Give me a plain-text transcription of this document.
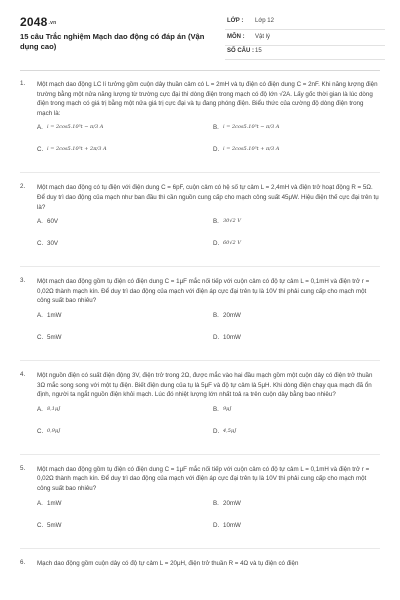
2048.vn
15 câu Trắc nghiệm Mạch dao động có đáp án (Vận dụng cao)
LỚP : Lớp 12
MÔN : Vật lý
SỐ CÂU : 15
1. Một mạch dao động LC lí tưởng gồm cuộn dây thuần cảm có L = 2mH và tụ điện có điện dung C = 2nF. Khi năng lượng điện trường bằng một nửa năng lượng từ trường cực đại thì dòng điện trong mạch có độ lớn √2A. Lấy gốc thời gian là lúc dòng điện trong mạch có giá trị bằng một nửa giá trị cực đại và tụ đang phóng điện. Biểu thức của cường độ dòng điện trong mạch là:
A. i = 2cos5.10⁵t − π/3 A	B. i = 2cos5.10⁵t − π/3 A
C. i = 2cos5.10⁵t + 2π/3 A	D. i = 2cos5.10⁵t + π/3 A
2. Một mạch dao động có tụ điện với điện dung C = 6pF, cuộn cảm có hệ số tự cảm L = 2,4mH và điện trở hoạt động R = 5Ω. Để duy trì dao động của mạch như ban đầu thì cần nguồn cung cấp cho mạch công suất 45μW. Hiệu điện thế cực đại trên tụ là?
A. 60V	B. 30√2 V
C. 30V	D. 60√2 V
3. Một mạch dao động gồm tụ điện có điện dung C = 1μF mắc nối tiếp với cuộn cảm có độ tự cảm L = 0,1mH và điện trở r = 0,02Ω thành mạch kín. Để duy trì dao động của mạch với điện áp cực đại trên tụ là 10V thì phải cung cấp cho mạch một công suất bao nhiêu?
A. 1mW	B. 20mW
C. 5mW	D. 10mW
4. Một nguồn điện có suất điện động 3V, điện trở trong 2Ω, được mắc vào hai đầu mạch gồm một cuộn dây có điện trở thuần 3Ω mắc song song với một tụ điện. Biết điện dung của tụ là 5μF và độ tự cảm là 5μH. Khi dòng điện chạy qua mạch đã ổn định, người ta ngắt nguồn điện khỏi mạch. Lúc đó nhiệt lượng lớn nhất toả ra trên cuộn dây bằng bao nhiêu?
A. 8,1μJ	B. 9μJ
C. 0,9μJ	D. 4,5μJ
5. Một mạch dao động gồm tụ điện có điện dung C = 1μF mắc nối tiếp với cuộn cảm có độ tự cảm L = 0,1mH và điện trở r = 0,02Ω thành mạch kín. Để duy trì dao động của mạch với điện áp cực đại trên tụ là 10V thì phải cung cấp cho mạch một công suất bao nhiêu?
A. 1mW	B. 20mW
C. 5mW	D. 10mW
6. Mạch dao động gồm cuộn dây có độ tự cảm L = 20μH, điện trở thuần R = 4Ω và tụ điện có điện
